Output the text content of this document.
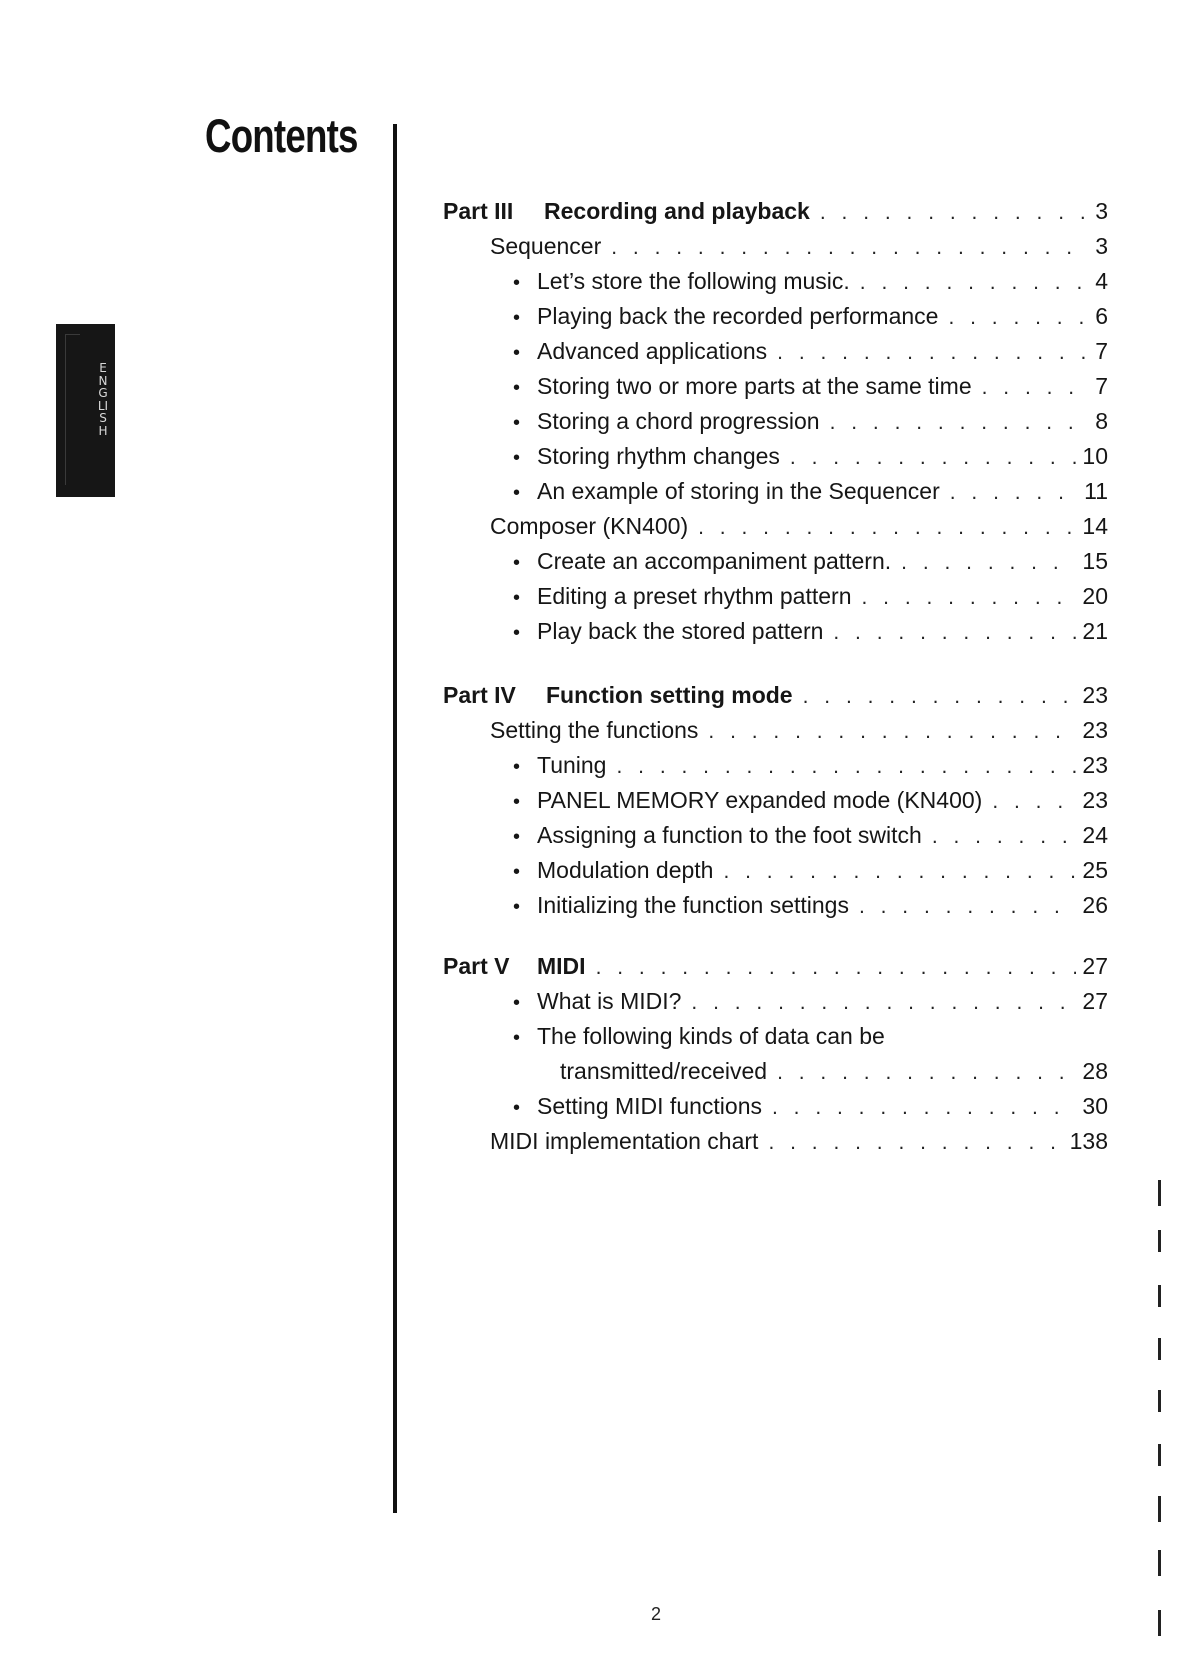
Contents
ENGLISH
Part III	Recording and playback . . .	3
Sequencer . . .	3
• Let’s store the following music. . . .	4
• Playing back the recorded performance . . .	6
• Advanced applications . . .	7
• Storing two or more parts at the same time . . .	7
• Storing a chord progression . . .	8
• Storing rhythm changes . . .	10
• An example of storing in the Sequencer . . .	11
Composer (KN400) . . .	14
• Create an accompaniment pattern. . . .	15
• Editing a preset rhythm pattern . . .	20
• Play back the stored pattern . . .	21
Part IV	Function setting mode . . .	23
Setting the functions . . .	23
• Tuning . . .	23
• PANEL MEMORY expanded mode (KN400) . . .	23
• Assigning a function to the foot switch . . .	24
• Modulation depth . . .	25
• Initializing the function settings . . .	26
Part V	MIDI . . .	27
• What is MIDI? . . .	27
• The following kinds of data can be
transmitted/received . . .	28
• Setting MIDI functions . . .	30
MIDI implementation chart . . .	138
2
